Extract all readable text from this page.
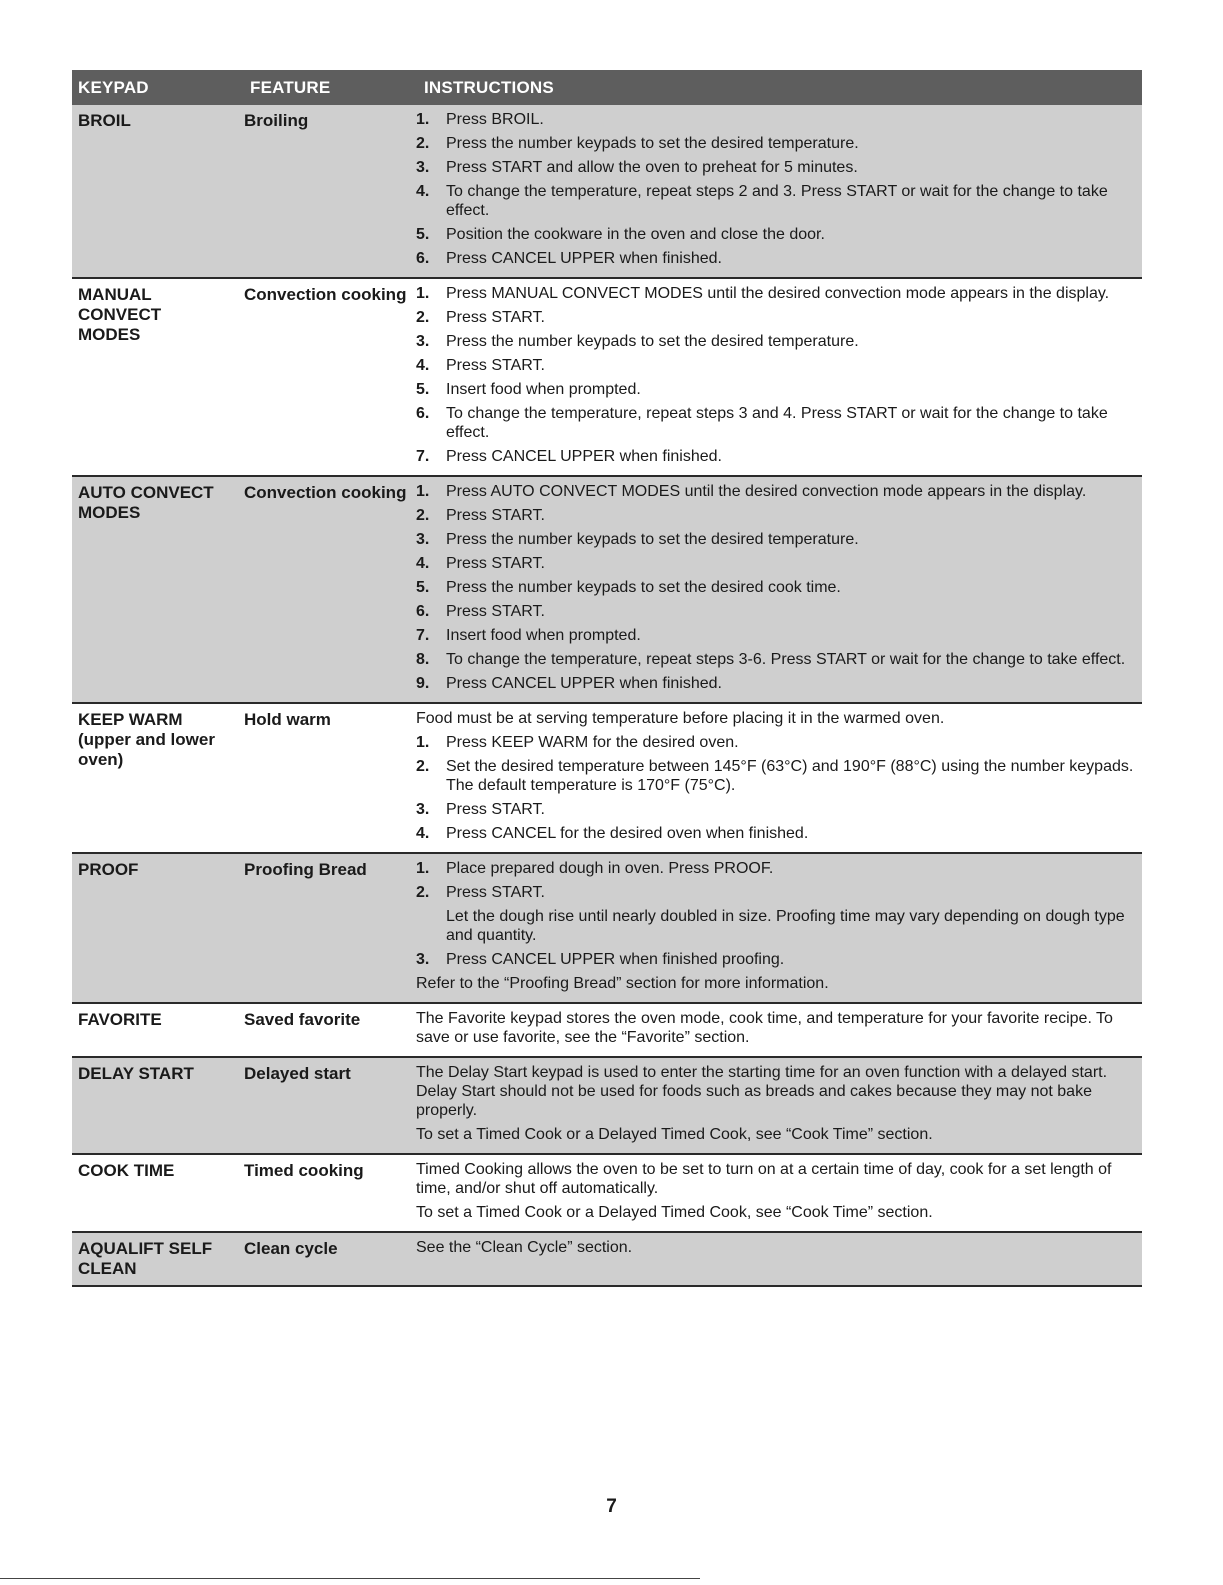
KEYPAD	FEATURE	INSTRUCTIONS
BROIL	Broiling	1.	Press BROIL.
2.	Press the number keypads to set the desired temperature.
3.	Press START and allow the oven to preheat for 5 minutes.
4.	To change the temperature, repeat steps 2 and 3. Press START or wait for the change to take effect.
5.	Position the cookware in the oven and close the door.
6.	Press CANCEL UPPER when finished.
MANUAL
CONVECT
MODES
Convection cooking 1.	Press MANUAL CONVECT MODES until the desired convection mode appears in the display.
2.	Press START.
3.	Press the number keypads to set the desired temperature.
4.	Press START.
5.	Insert food when prompted.
6.	To change the temperature, repeat steps 3 and 4. Press START or wait for the change to take effect.
7.	Press CANCEL UPPER when finished.
AUTO CONVECT
MODES
Convection cooking 1.	Press AUTO CONVECT MODES until the desired convection mode appears in the display.
2.	Press START.
3.	Press the number keypads to set the desired temperature.
4.	Press START.
5.	Press the number keypads to set the desired cook time.
6.	Press START.
7.	Insert food when prompted.
8.	To change the temperature, repeat steps 3-6. Press START or wait for the change to take effect.
9.	Press CANCEL UPPER when finished.
KEEP WARM
(upper and lower
oven)
Hold warm	Food must be at serving temperature before placing it in the warmed oven.
1.	Press KEEP WARM for the desired oven.
2.	Set the desired temperature between 145°F (63°C) and 190°F (88°C) using the number keypads. The default temperature is 170°F (75°C).
3.	Press START.
4.	Press CANCEL for the desired oven when finished.
PROOF	Proofing Bread	1.	Place prepared dough in oven. Press PROOF.
2.	Press START.
Let the dough rise until nearly doubled in size. Proofing time may vary depending on dough type and quantity.
3.	Press CANCEL UPPER when finished proofing.
Refer to the “Proofing Bread” section for more information.
FAVORITE	Saved favorite	The Favorite keypad stores the oven mode, cook time, and temperature for your favorite recipe. To save or use favorite, see the “Favorite” section.
DELAY START	Delayed start	The Delay Start keypad is used to enter the starting time for an oven function with a delayed start. Delay Start should not be used for foods such as breads and cakes because they may not bake properly.
To set a Timed Cook or a Delayed Timed Cook, see “Cook Time” section.
COOK TIME	Timed cooking	Timed Cooking allows the oven to be set to turn on at a certain time of day, cook for a set length of time, and/or shut off automatically.
To set a Timed Cook or a Delayed Timed Cook, see “Cook Time” section.
AQUALIFT SELF
CLEAN
Clean cycle	See the “Clean Cycle” section.
7
